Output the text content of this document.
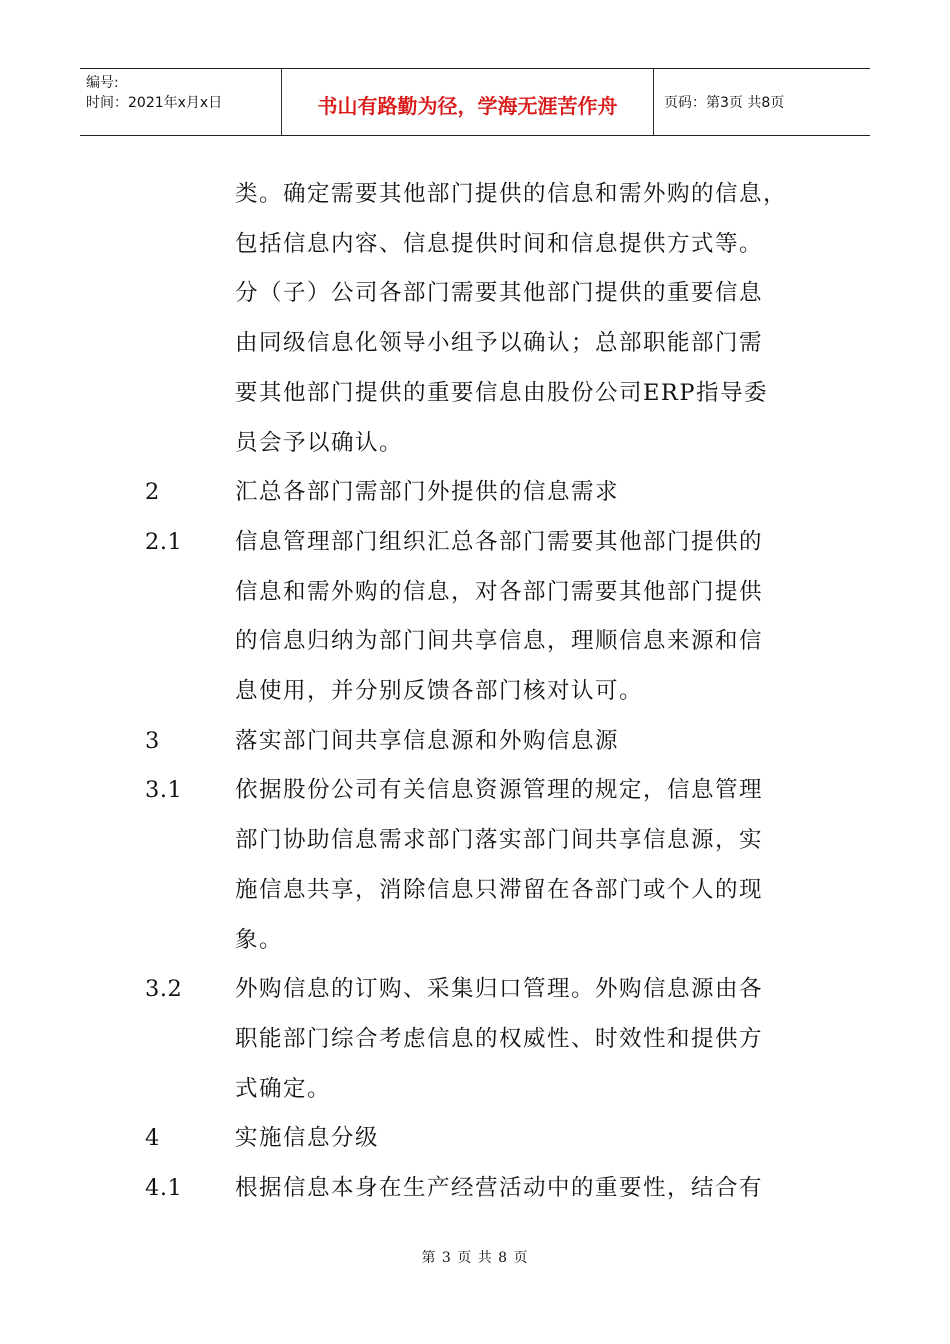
编号:
时间：2021年x月x日	书山有路勤为径，学海无涯苦作舟	页码：第3页 共8页
类。确定需要其他部门提供的信息和需外购的信息，
包括信息内容、信息提供时间和信息提供方式等。
分（子）公司各部门需要其他部门提供的重要信息
由同级信息化领导小组予以确认；总部职能部门需
要其他部门提供的重要信息由股份公司ERP指导委
员会予以确认。
2	汇总各部门需部门外提供的信息需求
2.1 信息管理部门组织汇总各部门需要其他部门提供的
信息和需外购的信息，对各部门需要其他部门提供
的信息归纳为部门间共享信息，理顺信息来源和信
息使用，并分别反馈各部门核对认可。
3	落实部门间共享信息源和外购信息源
3.1 依据股份公司有关信息资源管理的规定，信息管理
部门协助信息需求部门落实部门间共享信息源，实
施信息共享，消除信息只滞留在各部门或个人的现
象。
3.2 外购信息的订购、采集归口管理。外购信息源由各
职能部门综合考虑信息的权威性、时效性和提供方
式确定。
4	实施信息分级
4.1 根据信息本身在生产经营活动中的重要性，结合有
第 3 页 共 8 页
